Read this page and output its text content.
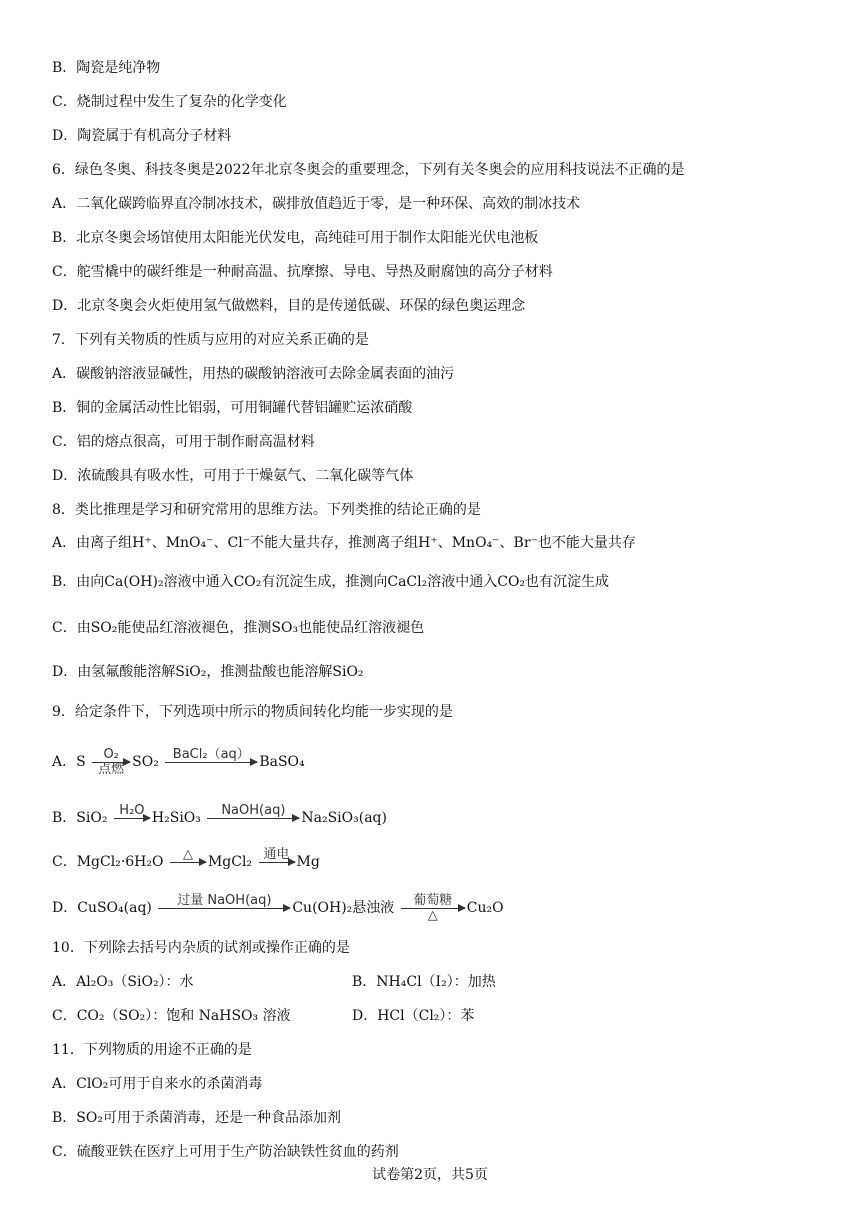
B．陶瓷是纯净物
C．烧制过程中发生了复杂的化学变化
D．陶瓷属于有机高分子材料
6．绿色冬奥、科技冬奥是2022年北京冬奥会的重要理念，下列有关冬奥会的应用科技说法不正确的是
A．二氧化碳跨临界直冷制冰技术，碳排放值趋近于零，是一种环保、高效的制冰技术
B．北京冬奥会场馆使用太阳能光伏发电，高纯硅可用于制作太阳能光伏电池板
C．舵雪橇中的碳纤维是一种耐高温、抗摩擦、导电、导热及耐腐蚀的高分子材料
D．北京冬奥会火炬使用氢气做燃料，目的是传递低碳、环保的绿色奥运理念
7．下列有关物质的性质与应用的对应关系正确的是
A．碳酸钠溶液显碱性，用热的碳酸钠溶液可去除金属表面的油污
B．铜的金属活动性比铝弱，可用铜罐代替铝罐贮运浓硝酸
C．铝的熔点很高，可用于制作耐高温材料
D．浓硫酸具有吸水性，可用于干燥氨气、二氧化碳等气体
8．类比推理是学习和研究常用的思维方法。下列类推的结论正确的是
A．由离子组H⁺、MnO₄⁻、Cl⁻不能大量共存，推测离子组H⁺、MnO₄⁻、Br⁻也不能大量共存
B．由向Ca(OH)₂溶液中通入CO₂有沉淀生成，推测向CaCl₂溶液中通入CO₂也有沉淀生成
C．由SO₂能使品红溶液褪色，推测SO₃也能使品红溶液褪色
D．由氢氟酸能溶解SiO₂，推测盐酸也能溶解SiO₂
9．给定条件下，下列选项中所示的物质间转化均能一步实现的是
A．S	O₂
点燃 SO₂	BaCl₂（aq）
BaSO₄
B．SiO₂ H₂O
H₂SiO₃	NaOH(aq)
	Na₂SiO₃(aq)
C．MgCl₂·6H₂O	△
	MgCl₂ 通电
Mg
D．CuSO₄(aq)	过量 NaOH(aq)
	Cu(OH)₂悬浊液	葡萄糖
△	Cu₂O
10．下列除去括号内杂质的试剂或操作正确的是
A．Al₂O₃（SiO₂）：水	B．NH₄Cl（I₂）：加热
C．CO₂（SO₂）：饱和 NaHSO₃ 溶液	D．HCl（Cl₂）：苯
11．下列物质的用途不正确的是
A．ClO₂可用于自来水的杀菌消毒
B．SO₂可用于杀菌消毒，还是一种食品添加剂
C．硫酸亚铁在医疗上可用于生产防治缺铁性贫血的药剂
试卷第2页，共5页
